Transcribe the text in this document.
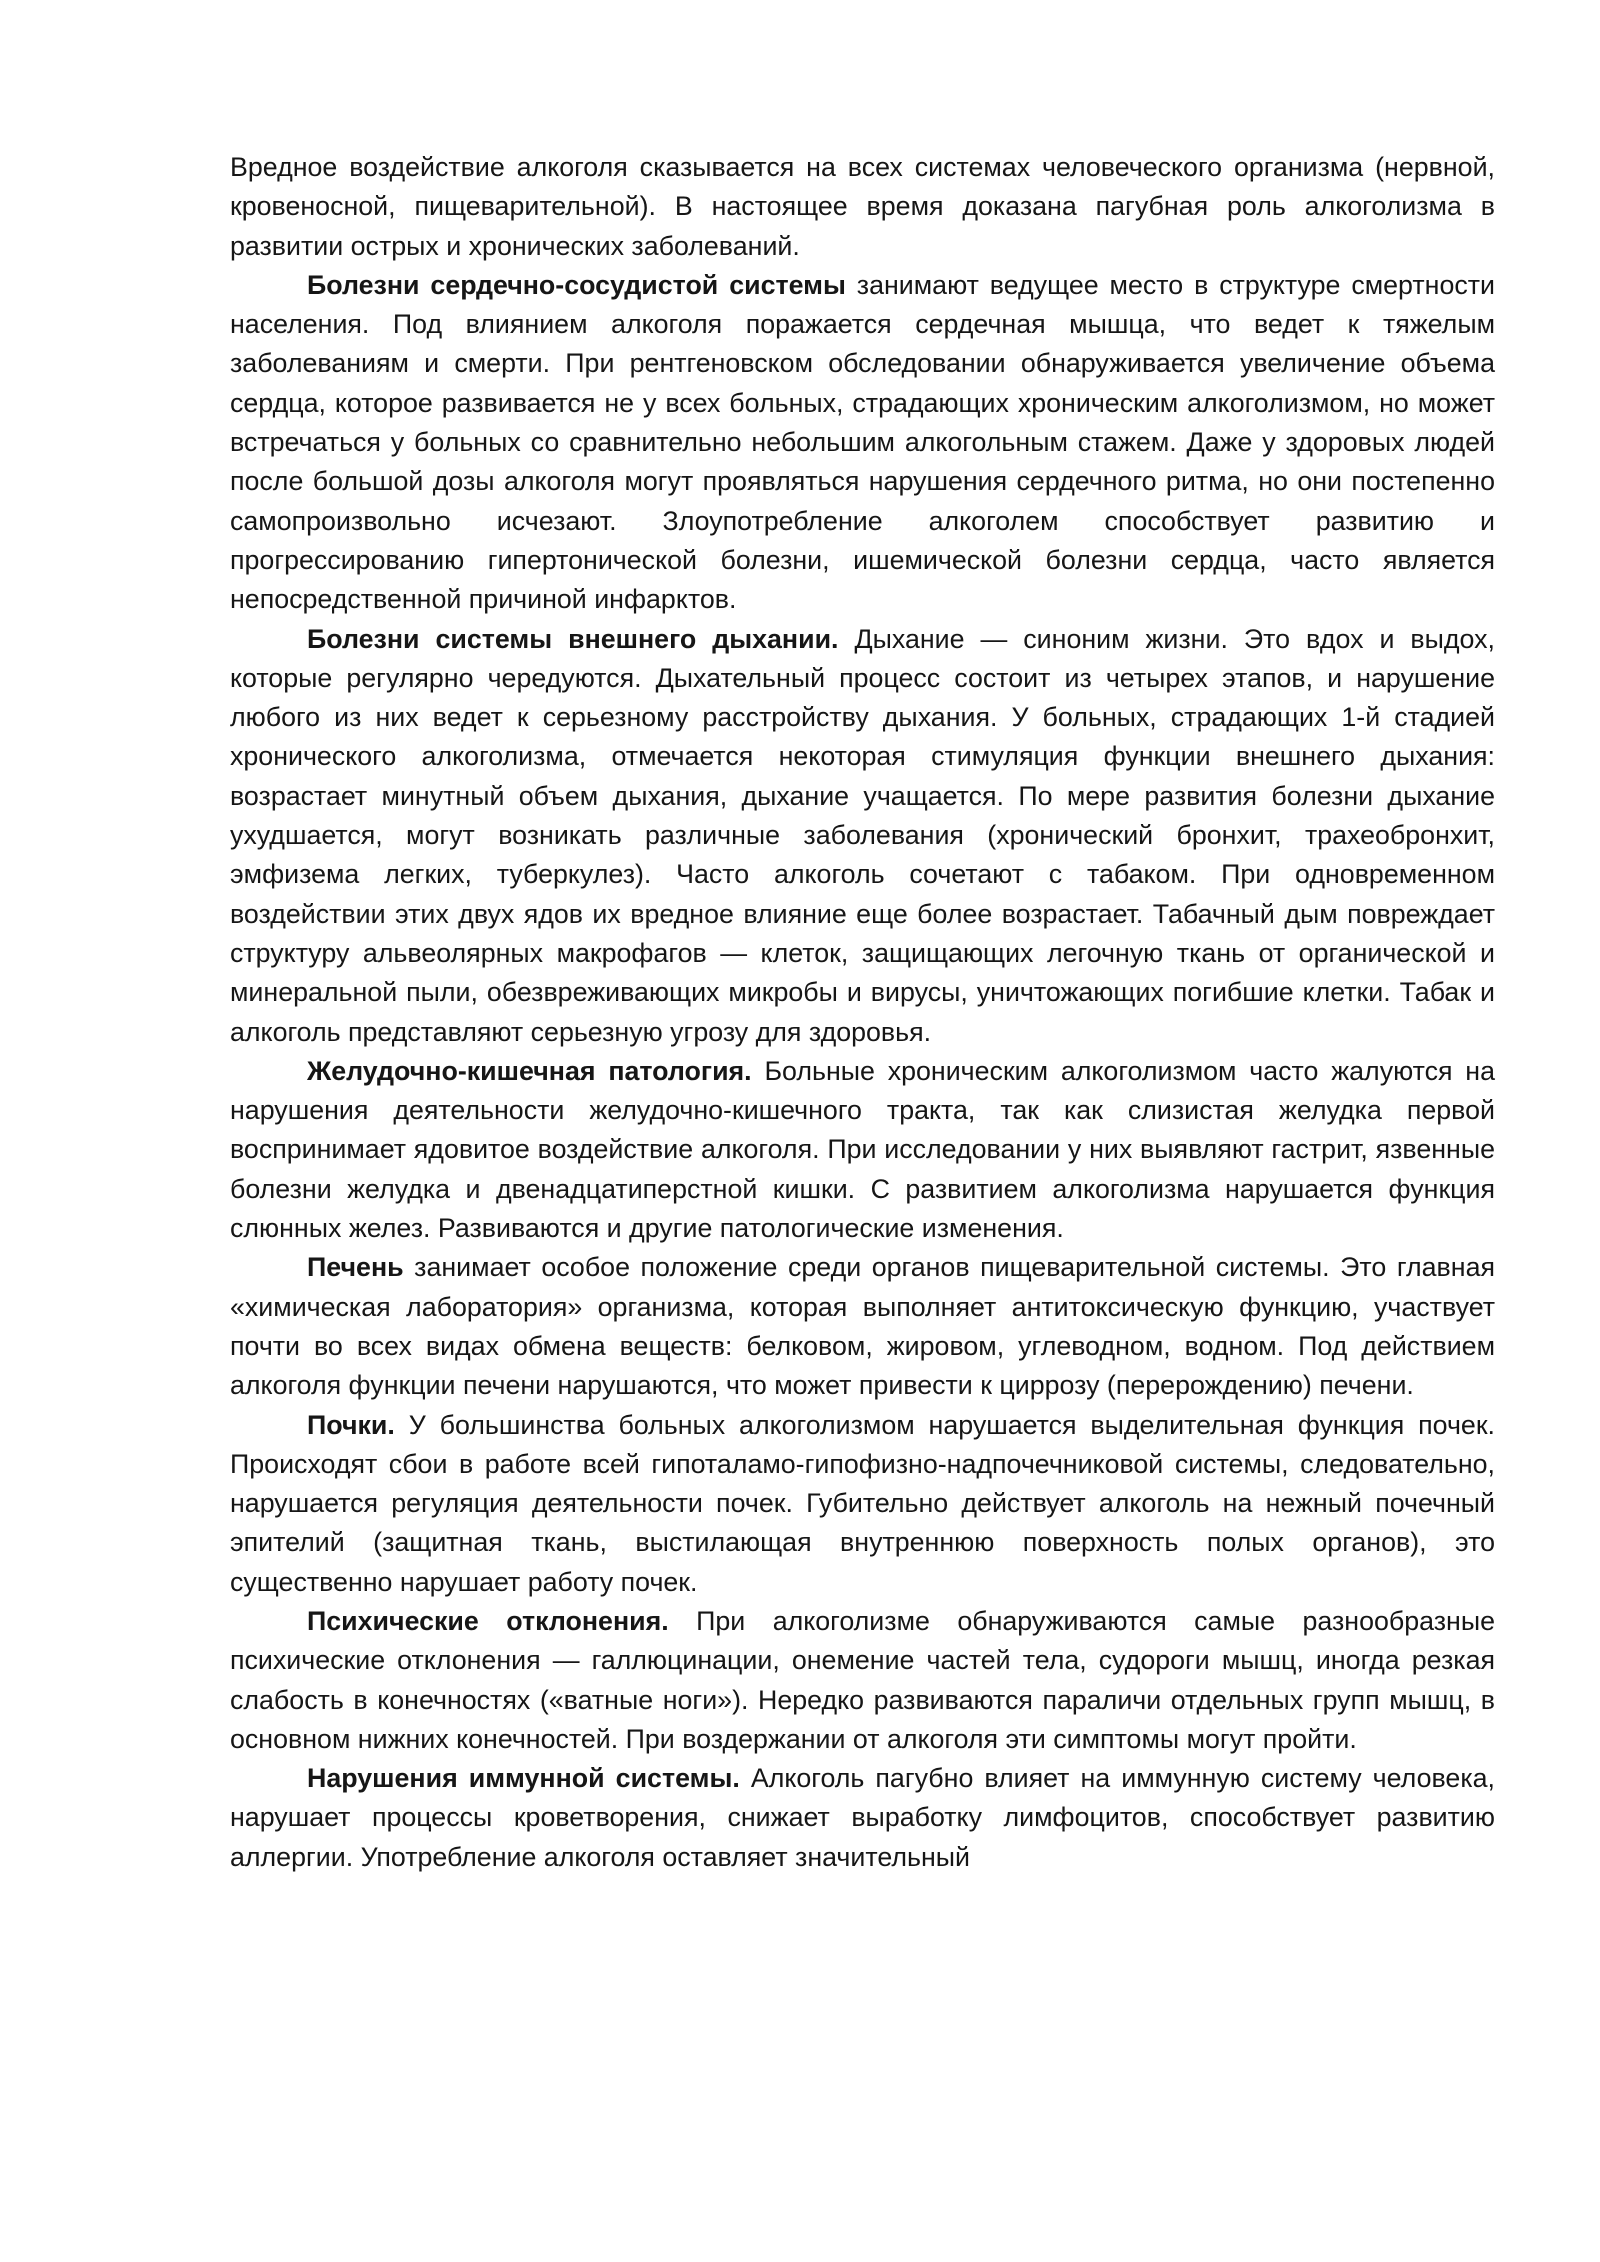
Вредное воздействие алкоголя сказывается на всех системах человеческого организма (нервной, кровеносной, пищеварительной). В настоящее время доказана пагубная роль алкоголизма в развитии острых и хронических заболеваний.

Болезни сердечно-сосудистой системы занимают ведущее место в структуре смертности населения. Под влиянием алкоголя поражается сердечная мышца, что ведет к тяжелым заболеваниям и смерти. При рентгеновском обследовании обнаруживается увеличение объема сердца, которое развивается не у всех больных, страдающих хроническим алкоголизмом, но может встречаться у больных со сравнительно небольшим алкогольным стажем. Даже у здоровых людей после большой дозы алкоголя могут проявляться нарушения сердечного ритма, но они постепенно самопроизвольно исчезают. Злоупотребление алкоголем способствует развитию и прогрессированию гипертонической болезни, ишемической болезни сердца, часто является непосредственной причиной инфарктов.

Болезни системы внешнего дыхании. Дыхание — синоним жизни. Это вдох и выдох, которые регулярно чередуются. Дыхательный процесс состоит из четырех этапов, и нарушение любого из них ведет к серьезному расстройству дыхания. У больных, страдающих 1-й стадией хронического алкоголизма, отмечается некоторая стимуляция функции внешнего дыхания: возрастает минутный объем дыхания, дыхание учащается. По мере развития болезни дыхание ухудшается, могут возникать различные заболевания (хронический бронхит, трахеобронхит, эмфизема легких, туберкулез). Часто алкоголь сочетают с табаком. При одновременном воздействии этих двух ядов их вредное влияние еще более возрастает. Табачный дым повреждает структуру альвеолярных макрофагов — клеток, защищающих легочную ткань от органической и минеральной пыли, обезвреживающих микробы и вирусы, уничтожающих погибшие клетки. Табак и алкоголь представляют серьезную угрозу для здоровья.

Желудочно-кишечная патология. Больные хроническим алкоголизмом часто жалуются на нарушения деятельности желудочно-кишечного тракта, так как слизистая желудка первой воспринимает ядовитое воздействие алкоголя. При исследовании у них выявляют гастрит, язвенные болезни желудка и двенадцатиперстной кишки. С развитием алкоголизма нарушается функция слюнных желез. Развиваются и другие патологические изменения.

Печень занимает особое положение среди органов пищеварительной системы. Это главная «химическая лаборатория» организма, которая выполняет антитоксическую функцию, участвует почти во всех видах обмена веществ: белковом, жировом, углеводном, водном. Под действием алкоголя функции печени нарушаются, что может привести к циррозу (перерождению) печени.

Почки. У большинства больных алкоголизмом нарушается выделительная функция почек. Происходят сбои в работе всей гипоталамо-гипофизно-надпочечниковой системы, следовательно, нарушается регуляция деятельности почек. Губительно действует алкоголь на нежный почечный эпителий (защитная ткань, выстилающая внутреннюю поверхность полых органов), это существенно нарушает работу почек.

Психические отклонения. При алкоголизме обнаруживаются самые разнообразные психические отклонения — галлюцинации, онемение частей тела, судороги мышц, иногда резкая слабость в конечностях («ватные ноги»). Нередко развиваются параличи отдельных групп мышц, в основном нижних конечностей. При воздержании от алкоголя эти симптомы могут пройти.

Нарушения иммунной системы. Алкоголь пагубно влияет на иммунную систему человека, нарушает процессы кроветворения, снижает выработку лимфоцитов, способствует развитию аллергии. Употребление алкоголя оставляет значительный
